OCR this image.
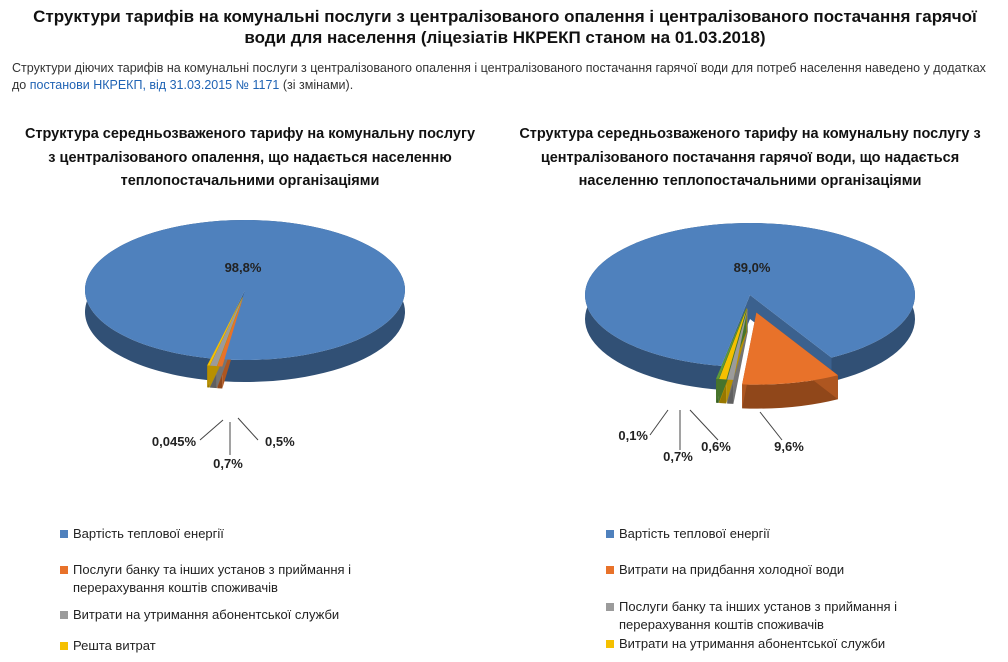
Структури тарифів на комунальні послуги з централізованого опалення і централізованого постачання гарячої води для населення (ліцезіатів НКРЕКП станом на 01.03.2018)
Структури діючих тарифів на комунальні послуги з централізованого опалення і централізованого постачання гарячої води для потреб населення наведено у додатках до постанови НКРЕКП, від 31.03.2015 № 1171 (зі змінами).
Структура середньозваженого тарифу на комунальну послугу з централізованого опалення, що надається населенню теплопостачальними організаціями
Структура середньозваженого тарифу на комунальну послугу з централізованого постачання гарячої води, що надається населенню теплопостачальними організаціями
98,8%
0,5%
0,7%
0,045%
89,0%
9,6%
0,6%
0,7%
0,1%
Вартість теплової енергії
Послуги банку та інших установ з приймання і перерахування коштів споживачів
Витрати на утримання абонентської служби
Решта витрат
Вартість теплової енергії
Витрати на придбання холодної води
Послуги банку та інших установ з приймання і перерахування коштів споживачів
Витрати на утримання абонентської служби
